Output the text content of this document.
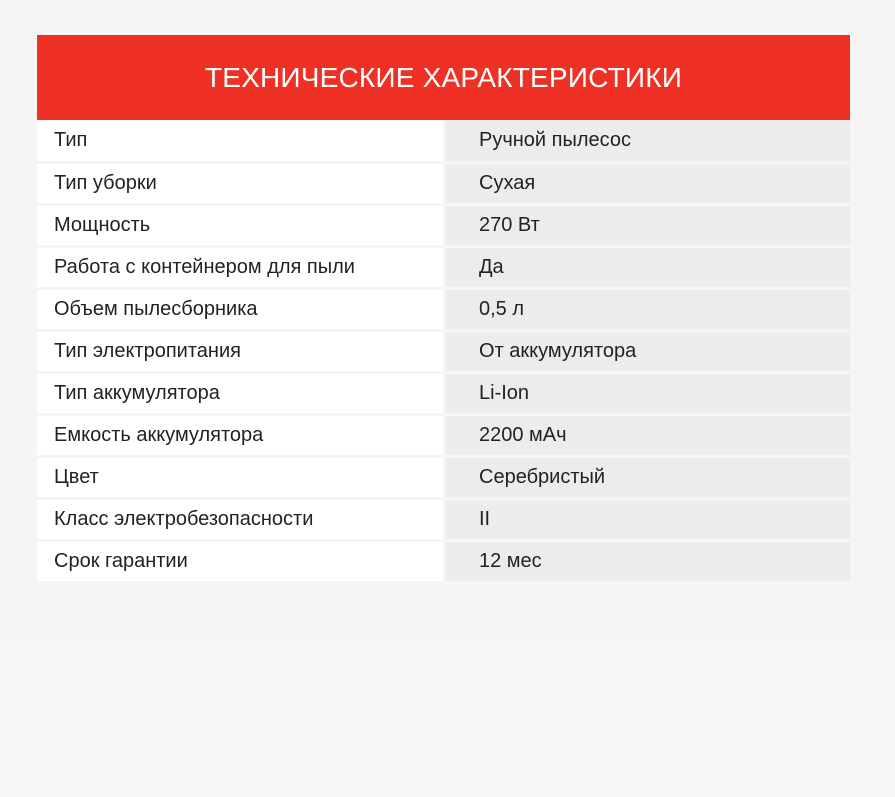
ТЕХНИЧЕСКИЕ ХАРАКТЕРИСТИКИ
Тип	Ручной пылесос
Тип уборки	Сухая
Мощность	270 Вт
Работа с контейнером для пыли	Да
Объем пылесборника	0,5 л
Тип электропитания	От аккумулятора
Тип аккумулятора	Li-Ion
Емкость аккумулятора	2200 мАч
Цвет	Серебристый
Класс электробезопасности	II
Срок гарантии	12 мес
